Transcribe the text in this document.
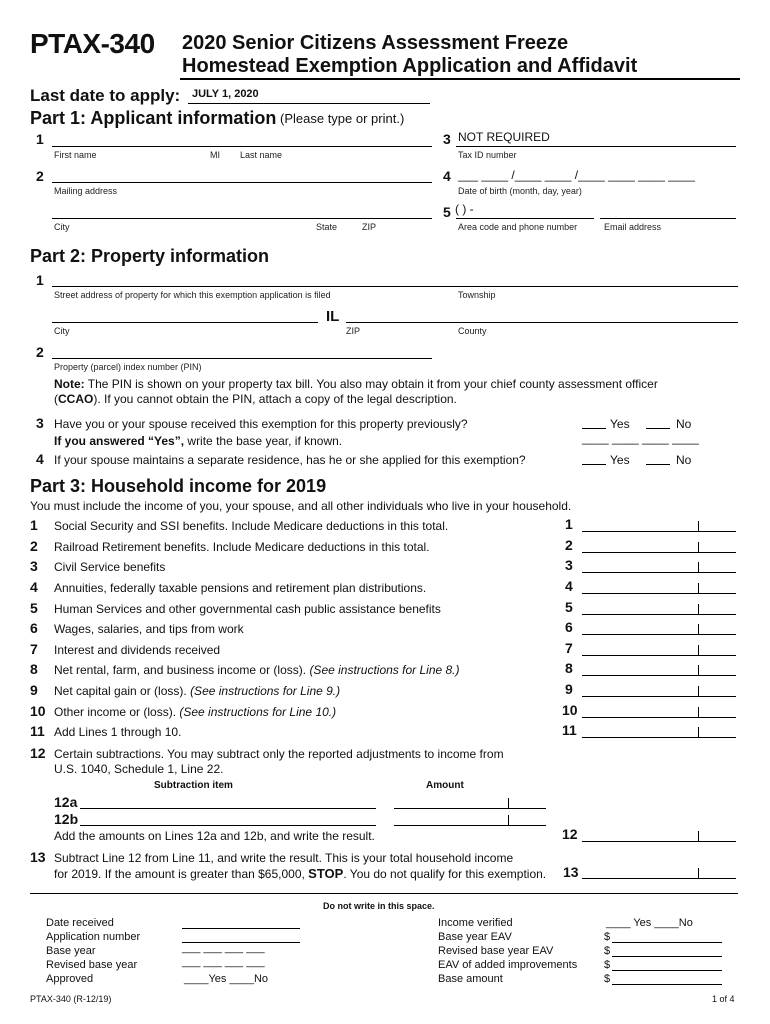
PTAX-340 2020 Senior Citizens Assessment Freeze
Homestead Exemption Application and Affidavit
Last date to apply: JULY 1, 2020
Part 1: Applicant information (Please type or print.)
1
First name	MI Last name
3 NOT REQUIRED
Tax ID number
2
Mailing address
4 ___ ____ /____ ____ /____ ____ ____ ____
Date of birth (month, day, year)
City	State	ZIP
5 ( ) -
Area code and phone number	Email address
Part 2: Property information
1
Street address of property for which this exemption application is filed	Township
IL
City	ZIP	County
2
Property (parcel) index number (PIN)
Note: The PIN is shown on your property tax bill. You also may obtain it from your chief county assessment officer
(CCAO). If you cannot obtain the PIN, attach a copy of the legal description.
3 Have you or your spouse received this exemption for this property previously?	Yes	No
If you answered “Yes”, write the base year, if known.	____ ____ ____ ____
4 If your spouse maintains a separate residence, has he or she applied for this exemption?	Yes	No
Part 3: Household income for 2019
You must include the income of you, your spouse, and all other individuals who live in your household.
1 Social Security and SSI benefits. Include Medicare deductions in this total.	1
2 Railroad Retirement benefits. Include Medicare deductions in this total.	2
3 Civil Service benefits	3
4 Annuities, federally taxable pensions and retirement plan distributions.	4
5 Human Services and other governmental cash public assistance benefits	5
6 Wages, salaries, and tips from work	6
7 Interest and dividends received	7
8 Net rental, farm, and business income or (loss). (See instructions for Line 8.)	8
9 Net capital gain or (loss). (See instructions for Line 9.)	9
10 Other income or (loss). (See instructions for Line 10.)	10
11 Add Lines 1 through 10.	11
12 Certain subtractions. You may subtract only the reported adjustments to income from
U.S. 1040, Schedule 1, Line 22.
Subtraction item	Amount
12a
12b
Add the amounts on Lines 12a and 12b, and write the result.	12
13 Subtract Line 12 from Line 11, and write the result. This is your total household income
for 2019. If the amount is greater than $65,000, STOP. You do not qualify for this exemption. 13
Do not write in this space.
Date received
Application number
Base year	___ ___ ___ ___
Revised base year	___ ___ ___ ___
Approved	____Yes ____No
Income verified	____ Yes ____No
Base year EAV	$
Revised base year EAV	$
EAV of added improvements $
Base amount	$
PTAX-340 (R-12/19)	1 of 4
